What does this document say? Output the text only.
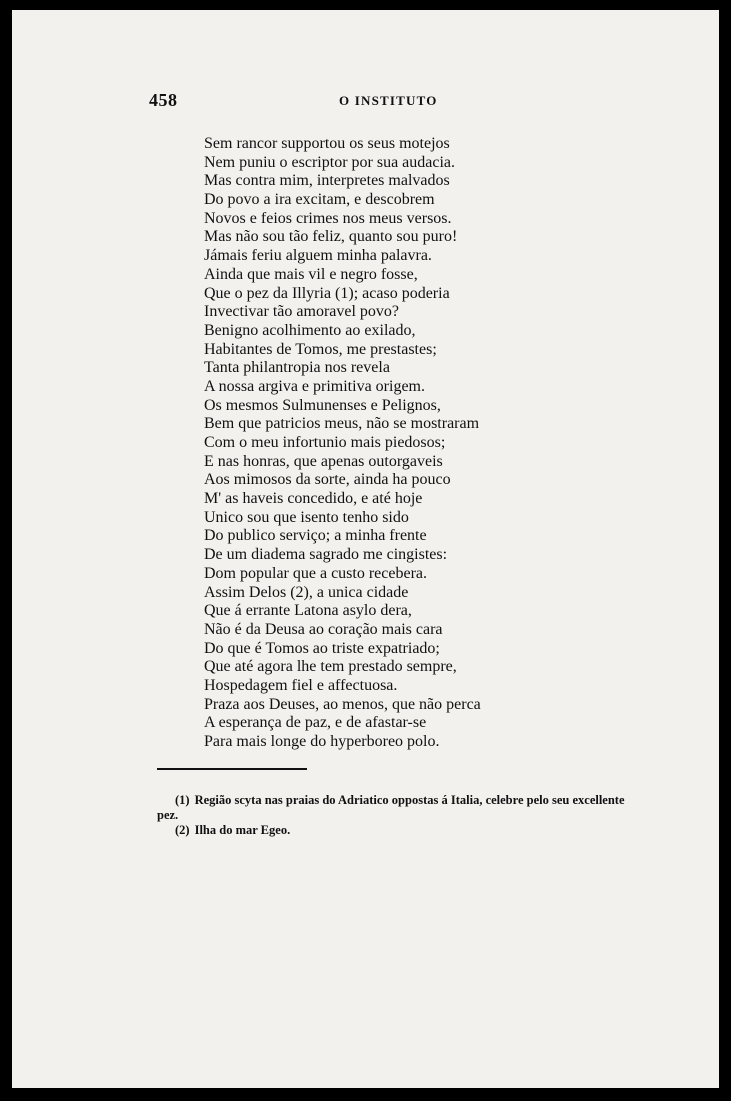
458	O INSTITUTO
Sem rancor supportou os seus motejos
Nem puniu o escriptor por sua audacia.
Mas contra mim, interpretes malvados
Do povo a ira excitam, e descobrem
Novos e feios crimes nos meus versos.
Mas não sou tão feliz, quanto sou puro!
Jámais feriu alguem minha palavra.
Ainda que mais vil e negro fosse,
Que o pez da Illyria (1); acaso poderia
Invectivar tão amoravel povo?
Benigno acolhimento ao exilado,
Habitantes de Tomos, me prestastes;
Tanta philantropia nos revela
A nossa argiva e primitiva origem.
Os mesmos Sulmunenses e Pelignos,
Bem que patricios meus, não se mostraram
Com o meu infortunio mais piedosos;
E nas honras, que apenas outorgaveis
Aos mimosos da sorte, ainda ha pouco
M' as haveis concedido, e até hoje
Unico sou que isento tenho sido
Do publico serviço; a minha frente
De um diadema sagrado me cingistes:
Dom popular que a custo recebera.
Assim Delos (2), a unica cidade
Que á errante Latona asylo dera,
Não é da Deusa ao coração mais cara
Do que é Tomos ao triste expatriado;
Que até agora lhe tem prestado sempre,
Hospedagem fiel e affectuosa.
Praza aos Deuses, ao menos, que não perca
A esperança de paz, e de afastar-se
Para mais longe do hyperboreo polo.

(1) Região scyta nas praias do Adriatico oppostas á Italia, celebre pelo seu excellente pez.

(2) Ilha do mar Egeo.
